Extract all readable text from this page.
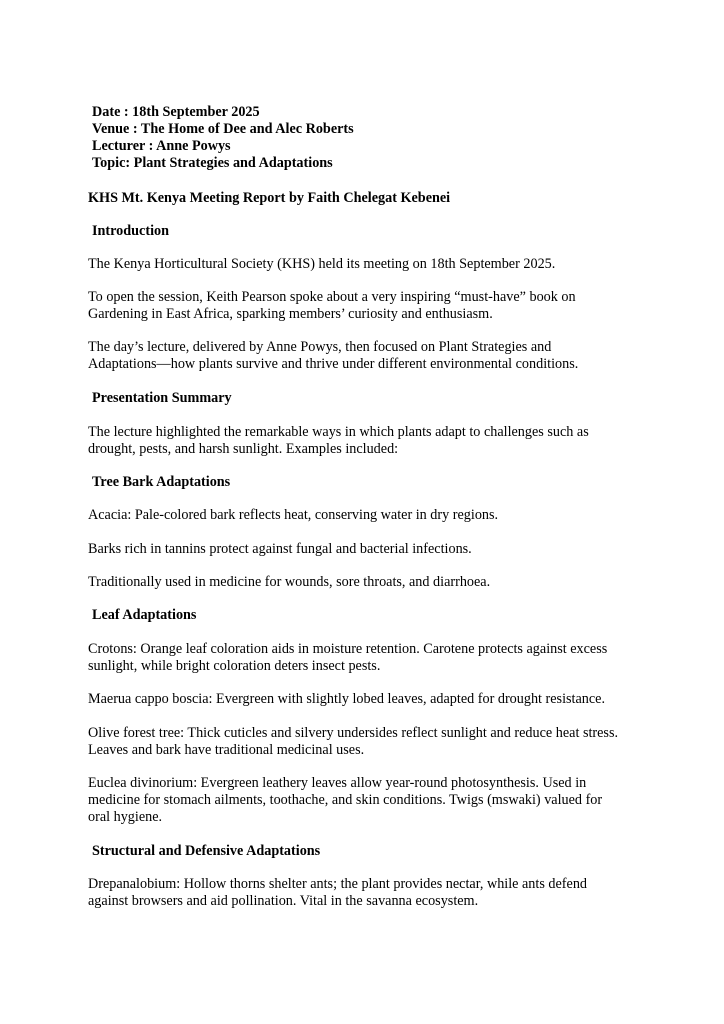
Date : 18th September 2025
Venue : The Home of Dee and Alec Roberts
Lecturer : Anne Powys
Topic: Plant Strategies and Adaptations
KHS Mt. Kenya Meeting Report by Faith Chelegat Kebenei
Introduction
The Kenya Horticultural Society (KHS) held its meeting on 18th September 2025.
To open the session, Keith Pearson spoke about a very inspiring “must-have” book on
Gardening in East Africa, sparking members’ curiosity and enthusiasm.
The day’s lecture, delivered by Anne Powys, then focused on Plant Strategies and
Adaptations—how plants survive and thrive under different environmental conditions.
Presentation Summary
The lecture highlighted the remarkable ways in which plants adapt to challenges such as
drought, pests, and harsh sunlight. Examples included:
Tree Bark Adaptations
Acacia: Pale-colored bark reflects heat, conserving water in dry regions.
Barks rich in tannins protect against fungal and bacterial infections.
Traditionally used in medicine for wounds, sore throats, and diarrhoea.
Leaf Adaptations
Crotons: Orange leaf coloration aids in moisture retention. Carotene protects against excess
sunlight, while bright coloration deters insect pests.
Maerua cappo boscia: Evergreen with slightly lobed leaves, adapted for drought resistance.
Olive forest tree: Thick cuticles and silvery undersides reflect sunlight and reduce heat stress.
Leaves and bark have traditional medicinal uses.
Euclea divinorium: Evergreen leathery leaves allow year-round photosynthesis. Used in
medicine for stomach ailments, toothache, and skin conditions. Twigs (mswaki) valued for
oral hygiene.
Structural and Defensive Adaptations
Drepanalobium: Hollow thorns shelter ants; the plant provides nectar, while ants defend
against browsers and aid pollination. Vital in the savanna ecosystem.
